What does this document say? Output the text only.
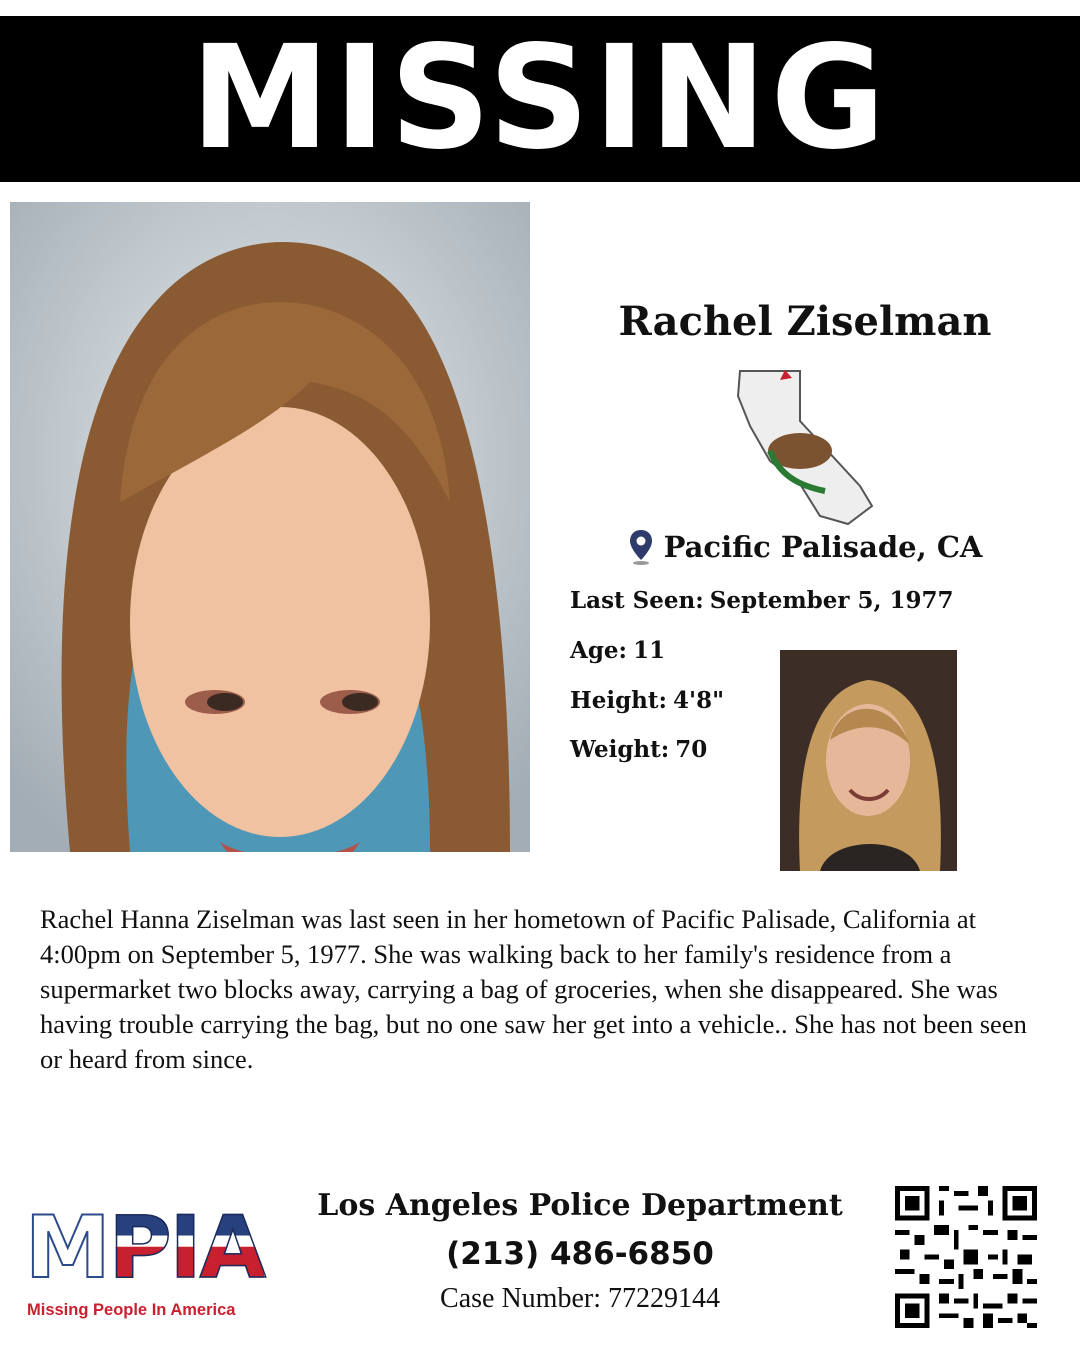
MISSING
Rachel Ziselman
Pacific Palisade, CA
Last Seen: September 5, 1977
Age: 11
Height: 4'8"
Weight: 70
Rachel Hanna Ziselman was last seen in her hometown of Pacific Palisade, California at 4:00pm on September 5, 1977. She was walking back to her family's residence from a supermarket two blocks away, carrying a bag of groceries, when she disappeared. She was having trouble carrying the bag, but no one saw her get into a vehicle.. She has not been seen or heard from since.
M PIA
Missing People In America
Los Angeles Police Department
(213) 486-6850
Case Number: 77229144
